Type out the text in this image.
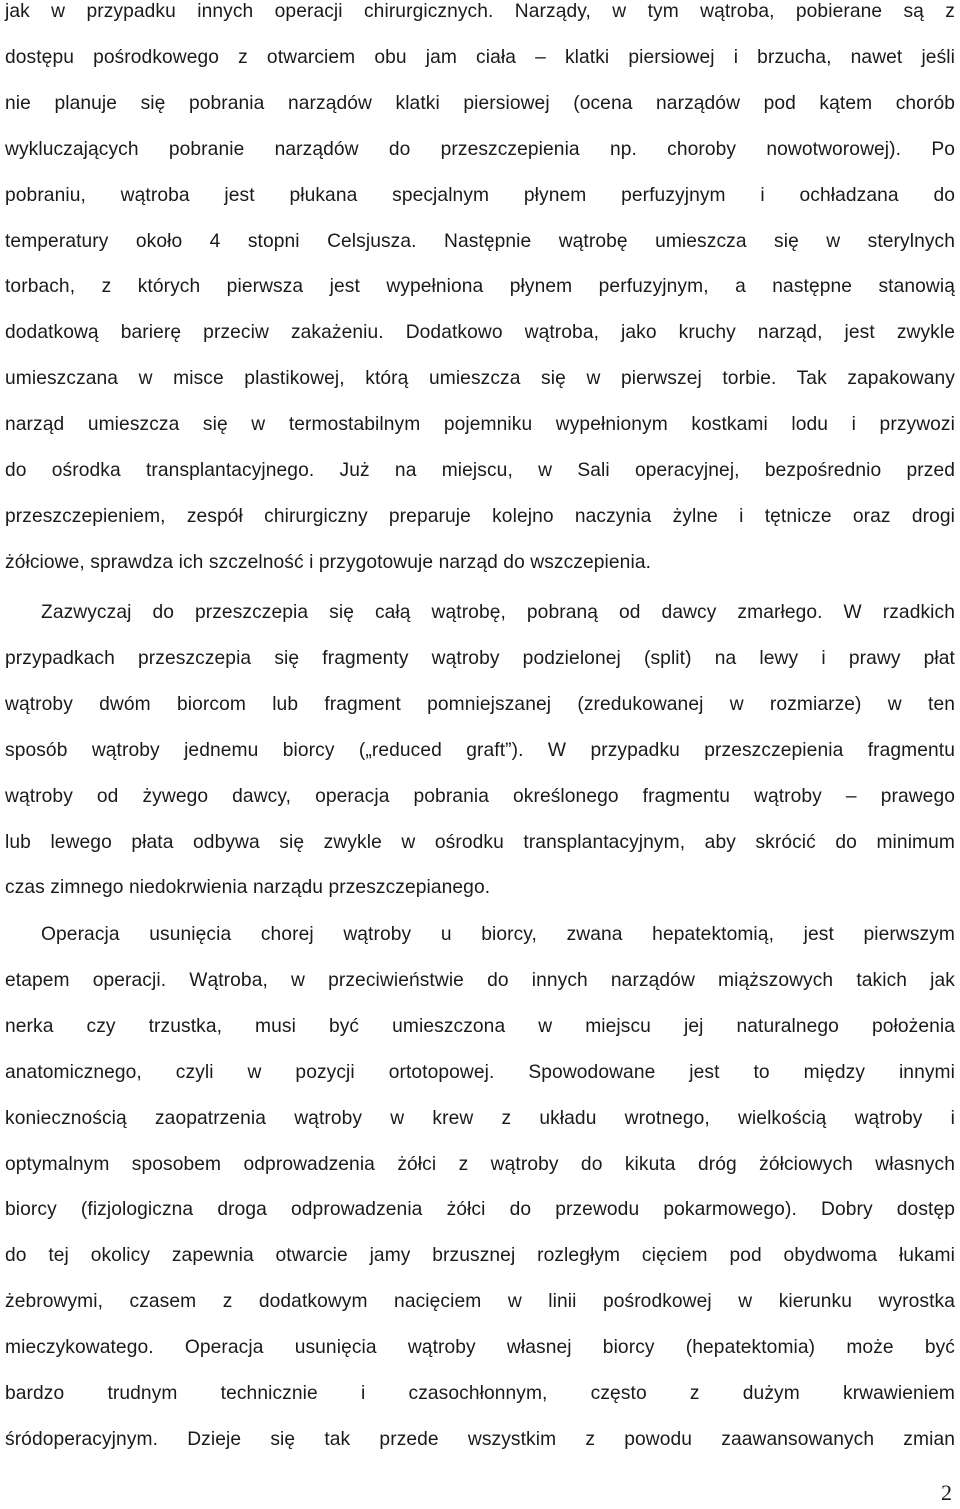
jak w przypadku innych operacji chirurgicznych. Narządy, w tym wątroba, pobierane są z
dostępu pośrodkowego z otwarciem obu jam ciała – klatki piersiowej i brzucha, nawet jeśli
nie planuje się pobrania narządów klatki piersiowej (ocena narządów pod kątem chorób
wykluczających pobranie narządów do przeszczepienia np. choroby nowotworowej). Po
pobraniu, wątroba jest płukana specjalnym płynem perfuzyjnym i ochładzana do
temperatury około 4 stopni Celsjusza. Następnie wątrobę umieszcza się w sterylnych
torbach, z których pierwsza jest wypełniona płynem perfuzyjnym, a następne stanowią
dodatkową barierę przeciw zakażeniu. Dodatkowo wątroba, jako kruchy narząd, jest zwykle
umieszczana w misce plastikowej, którą umieszcza się w pierwszej torbie. Tak zapakowany
narząd umieszcza się w termostabilnym pojemniku wypełnionym kostkami lodu i przywozi
do ośrodka transplantacyjnego. Już na miejscu, w Sali operacyjnej, bezpośrednio przed
przeszczepieniem, zespół chirurgiczny preparuje kolejno naczynia żylne i tętnicze oraz drogi
żółciowe, sprawdza ich szczelność i przygotowuje narząd do wszczepienia.

Zazwyczaj do przeszczepia się całą wątrobę, pobraną od dawcy zmarłego. W rzadkich
przypadkach przeszczepia się fragmenty wątroby podzielonej (split) na lewy i prawy płat
wątroby dwóm biorcom lub fragment pomniejszanej (zredukowanej w rozmiarze) w ten
sposób wątroby jednemu biorcy („reduced graft”). W przypadku przeszczepienia fragmentu
wątroby od żywego dawcy, operacja pobrania określonego fragmentu wątroby – prawego
lub lewego płata odbywa się zwykle w ośrodku transplantacyjnym, aby skrócić do minimum
czas zimnego niedokrwienia narządu przeszczepianego.

Operacja usunięcia chorej wątroby u biorcy, zwana hepatektomią, jest pierwszym
etapem operacji. Wątroba, w przeciwieństwie do innych narządów miąższowych takich jak
nerka czy trzustka, musi być umieszczona w miejscu jej naturalnego położenia
anatomicznego, czyli w pozycji ortotopowej. Spowodowane jest to między innymi
koniecznością zaopatrzenia wątroby w krew z układu wrotnego, wielkością wątroby i
optymalnym sposobem odprowadzenia żółci z wątroby do kikuta dróg żółciowych własnych
biorcy (fizjologiczna droga odprowadzenia żółci do przewodu pokarmowego). Dobry dostęp
do tej okolicy zapewnia otwarcie jamy brzusznej rozległym cięciem pod obydwoma łukami
żebrowymi, czasem z dodatkowym nacięciem w linii pośrodkowej w kierunku wyrostka
mieczykowatego. Operacja usunięcia wątroby własnej biorcy (hepatektomia) może być
bardzo trudnym technicznie i czasochłonnym, często z dużym krwawieniem
śródoperacyjnym. Dzieje się tak przede wszystkim z powodu zaawansowanych zmian

2
